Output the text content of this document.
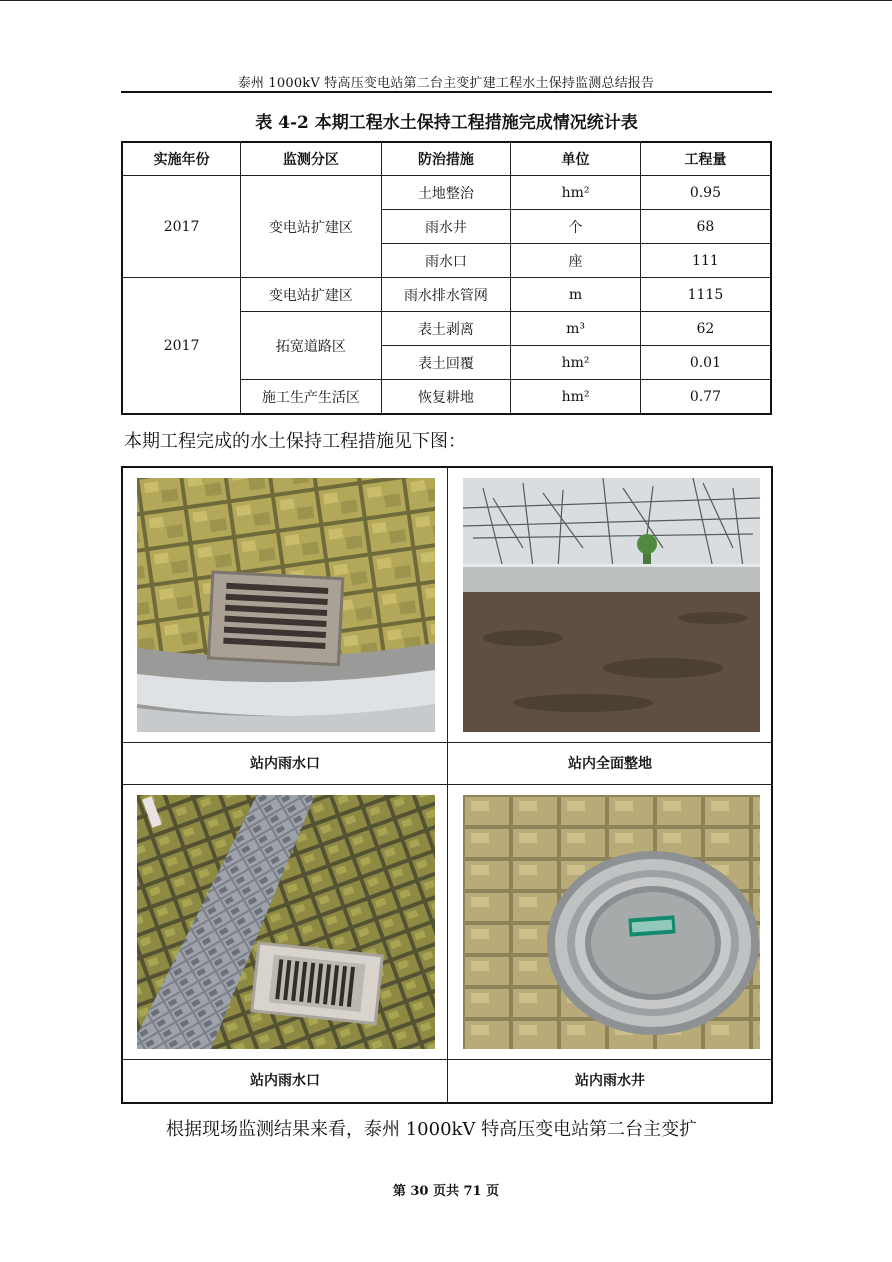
泰州 1000kV 特高压变电站第二台主变扩建工程水土保持监测总结报告
表 4-2 本期工程水土保持工程措施完成情况统计表
实施年份	监测分区	防治措施	单位	工程量
2017	变电站扩建区	土地整治	hm²	0.95
		雨水井	个	68
		雨水口	座	111
2017	变电站扩建区	雨水排水管网	m	1115
	拓宽道路区	表土剥离	m³	62
		表土回覆	hm²	0.01
	施工生产生活区	恢复耕地	hm²	0.77
本期工程完成的水土保持工程措施见下图：
站内雨水口	站内全面整地
站内雨水口	站内雨水井
根据现场监测结果来看，泰州 1000kV 特高压变电站第二台主变扩
第 30 页共 71 页
